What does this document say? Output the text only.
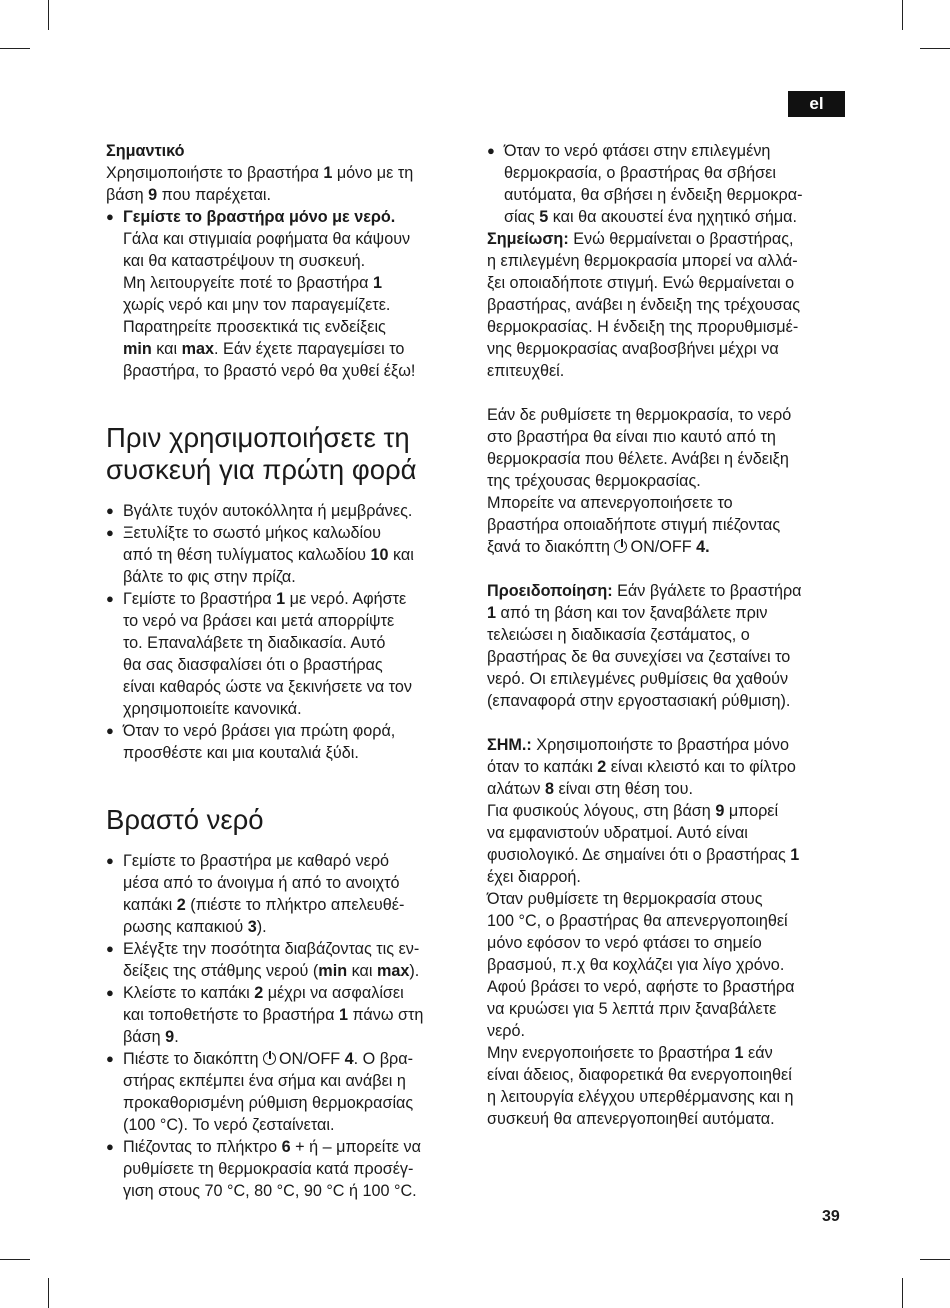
el

Σημαντικό

Χρησιμοποιήστε το βραστήρα 1 μόνο με τη

βάση 9 που παρέχεται.

● Γεμίστε το βραστήρα μόνο με νερό.

Γάλα και στιγμιαία ροφήματα θα κάψουν

και θα καταστρέψουν τη συσκευή.

Μη λειτουργείτε ποτέ το βραστήρα 1

χωρίς νερό και μην τον παραγεμίζετε.

Παρατηρείτε προσεκτικά τις ενδείξεις

min και max. Εάν έχετε παραγεμίσει το

βραστήρα, το βραστό νερό θα χυθεί έξω!

Πριν χρησιμοποιήσετε τη
συσκευή για πρώτη φορά

● Βγάλτε τυχόν αυτοκόλλητα ή μεμβράνες.

● Ξετυλίξτε το σωστό μήκος καλωδίου

από τη θέση τυλίγματος καλωδίου 10 και

βάλτε το φις στην πρίζα.

● Γεμίστε το βραστήρα 1 με νερό. Αφήστε

το νερό να βράσει και μετά απορρίψτε

το. Επαναλάβετε τη διαδικασία. Αυτό

θα σας διασφαλίσει ότι ο βραστήρας

είναι καθαρός ώστε να ξεκινήσετε να τον

χρησιμοποιείτε κανονικά.

● Όταν το νερό βράσει για πρώτη φορά,

προσθέστε και μια κουταλιά ξύδι.

Βραστό νερό

● Γεμίστε το βραστήρα με καθαρό νερό

μέσα από το άνοιγμα ή από το ανοιχτό

καπάκι 2 (πιέστε το πλήκτρο απελευθέ-

ρωσης καπακιού 3).

● Ελέγξτε την ποσότητα διαβάζοντας τις εν-

δείξεις της στάθμης νερού (min και max).

● Κλείστε το καπάκι 2 μέχρι να ασφαλίσει

και τοποθετήστε το βραστήρα 1 πάνω στη

βάση 9.

● Πιέστε το διακόπτη ON/OFF 4. Ο βρα-

στήρας εκπέμπει ένα σήμα και ανάβει η

προκαθορισμένη ρύθμιση θερμοκρασίας

(100 °C). Το νερό ζεσταίνεται.

● Πιέζοντας το πλήκτρο 6 + ή – μπορείτε να

ρυθμίσετε τη θερμοκρασία κατά προσέγ-

γιση στους 70 °C, 80 °C, 90 °C ή 100 °C.

● Όταν το νερό φτάσει στην επιλεγμένη

θερμοκρασία, ο βραστήρας θα σβήσει

αυτόματα, θα σβήσει η ένδειξη θερμοκρα-

σίας 5 και θα ακουστεί ένα ηχητικό σήμα.

Σημείωση: Ενώ θερμαίνεται ο βραστήρας,

η επιλεγμένη θερμοκρασία μπορεί να αλλά-

ξει οποιαδήποτε στιγμή. Ενώ θερμαίνεται ο

βραστήρας, ανάβει η ένδειξη της τρέχουσας

θερμοκρασίας. Η ένδειξη της προρυθμισμέ-

νης θερμοκρασίας αναβοσβήνει μέχρι να

επιτευχθεί.

Εάν δε ρυθμίσετε τη θερμοκρασία, το νερό

στο βραστήρα θα είναι πιο καυτό από τη

θερμοκρασία που θέλετε. Ανάβει η ένδειξη

της τρέχουσας θερμοκρασίας.

Μπορείτε να απενεργοποιήσετε το

βραστήρα οποιαδήποτε στιγμή πιέζοντας

ξανά το διακόπτη ON/OFF 4.

Προειδοποίηση: Εάν βγάλετε το βραστήρα

1 από τη βάση και τον ξαναβάλετε πριν

τελειώσει η διαδικασία ζεστάματος, ο

βραστήρας δε θα συνεχίσει να ζεσταίνει το

νερό. Οι επιλεγμένες ρυθμίσεις θα χαθούν

(επαναφορά στην εργοστασιακή ρύθμιση).

ΣΗΜ.: Χρησιμοποιήστε το βραστήρα μόνο

όταν το καπάκι 2 είναι κλειστό και το φίλτρο

αλάτων 8 είναι στη θέση του.

Για φυσικούς λόγους, στη βάση 9 μπορεί

να εμφανιστούν υδρατμοί. Αυτό είναι

φυσιολογικό. Δε σημαίνει ότι ο βραστήρας 1

έχει διαρροή.

Όταν ρυθμίσετε τη θερμοκρασία στους

100 °C, ο βραστήρας θα απενεργοποιηθεί

μόνο εφόσον το νερό φτάσει το σημείο

βρασμού, π.χ θα κοχλάζει για λίγο χρόνο.

Αφού βράσει το νερό, αφήστε το βραστήρα

να κρυώσει για 5 λεπτά πριν ξαναβάλετε

νερό.

Μην ενεργοποιήσετε το βραστήρα 1 εάν

είναι άδειος, διαφορετικά θα ενεργοποιηθεί

η λειτουργία ελέγχου υπερθέρμανσης και η

συσκευή θα απενεργοποιηθεί αυτόματα.

39
